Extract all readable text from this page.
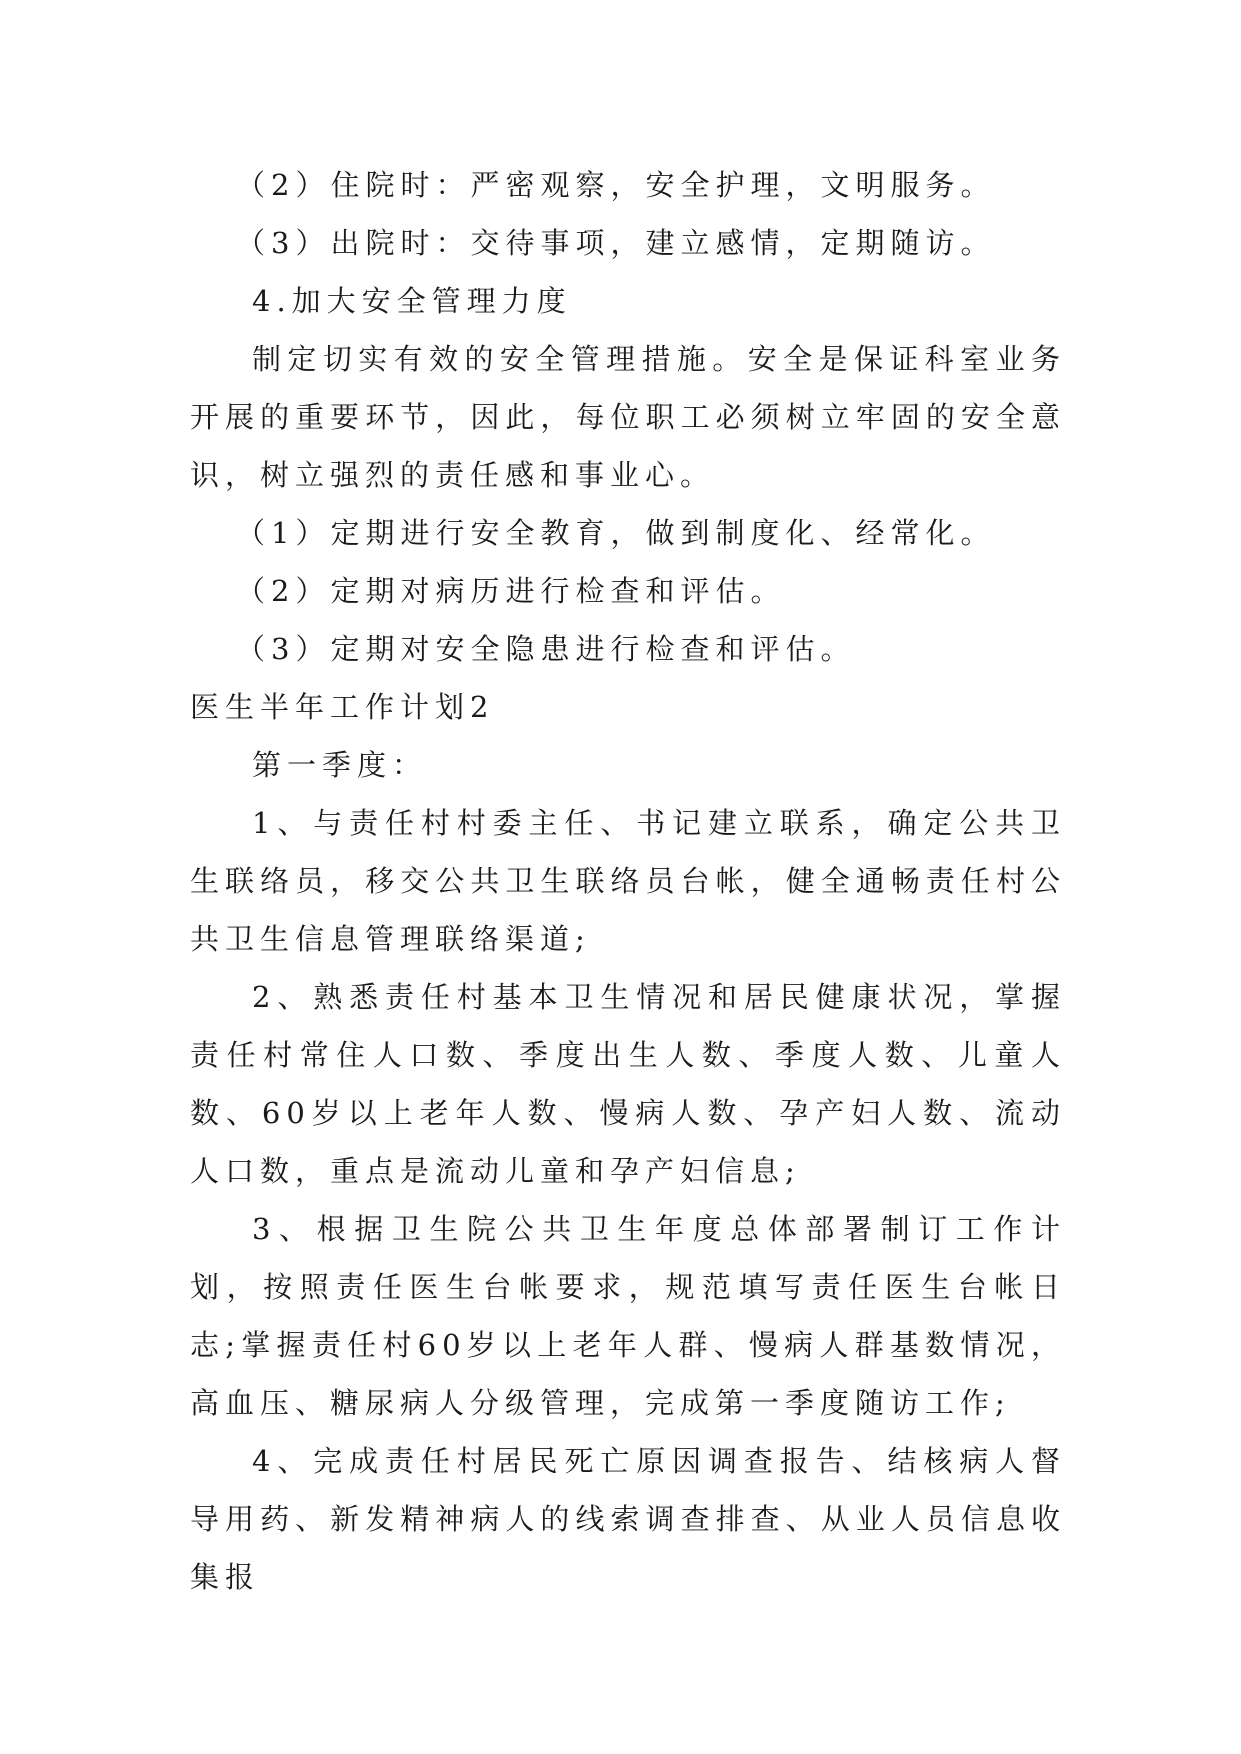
（2）住院时：严密观察，安全护理，文明服务。

（3）出院时：交待事项，建立感情，定期随访。

4.加大安全管理力度

制定切实有效的安全管理措施。安全是保证科室业务开展的重要环节，因此，每位职工必须树立牢固的安全意识，树立强烈的责任感和事业心。

（1）定期进行安全教育，做到制度化、经常化。

（2）定期对病历进行检查和评估。

（3）定期对安全隐患进行检查和评估。

医生半年工作计划2

第一季度：

1、与责任村村委主任、书记建立联系，确定公共卫生联络员，移交公共卫生联络员台帐，健全通畅责任村公共卫生信息管理联络渠道;

2、熟悉责任村基本卫生情况和居民健康状况，掌握责任村常住人口数、季度出生人数、季度人数、儿童人数、60岁以上老年人数、慢病人数、孕产妇人数、流动人口数，重点是流动儿童和孕产妇信息;

3、根据卫生院公共卫生年度总体部署制订工作计划，按照责任医生台帐要求，规范填写责任医生台帐日志;掌握责任村60岁以上老年人群、慢病人群基数情况，高血压、糖尿病人分级管理，完成第一季度随访工作;

4、完成责任村居民死亡原因调查报告、结核病人督导用药、新发精神病人的线索调查排查、从业人员信息收集报
